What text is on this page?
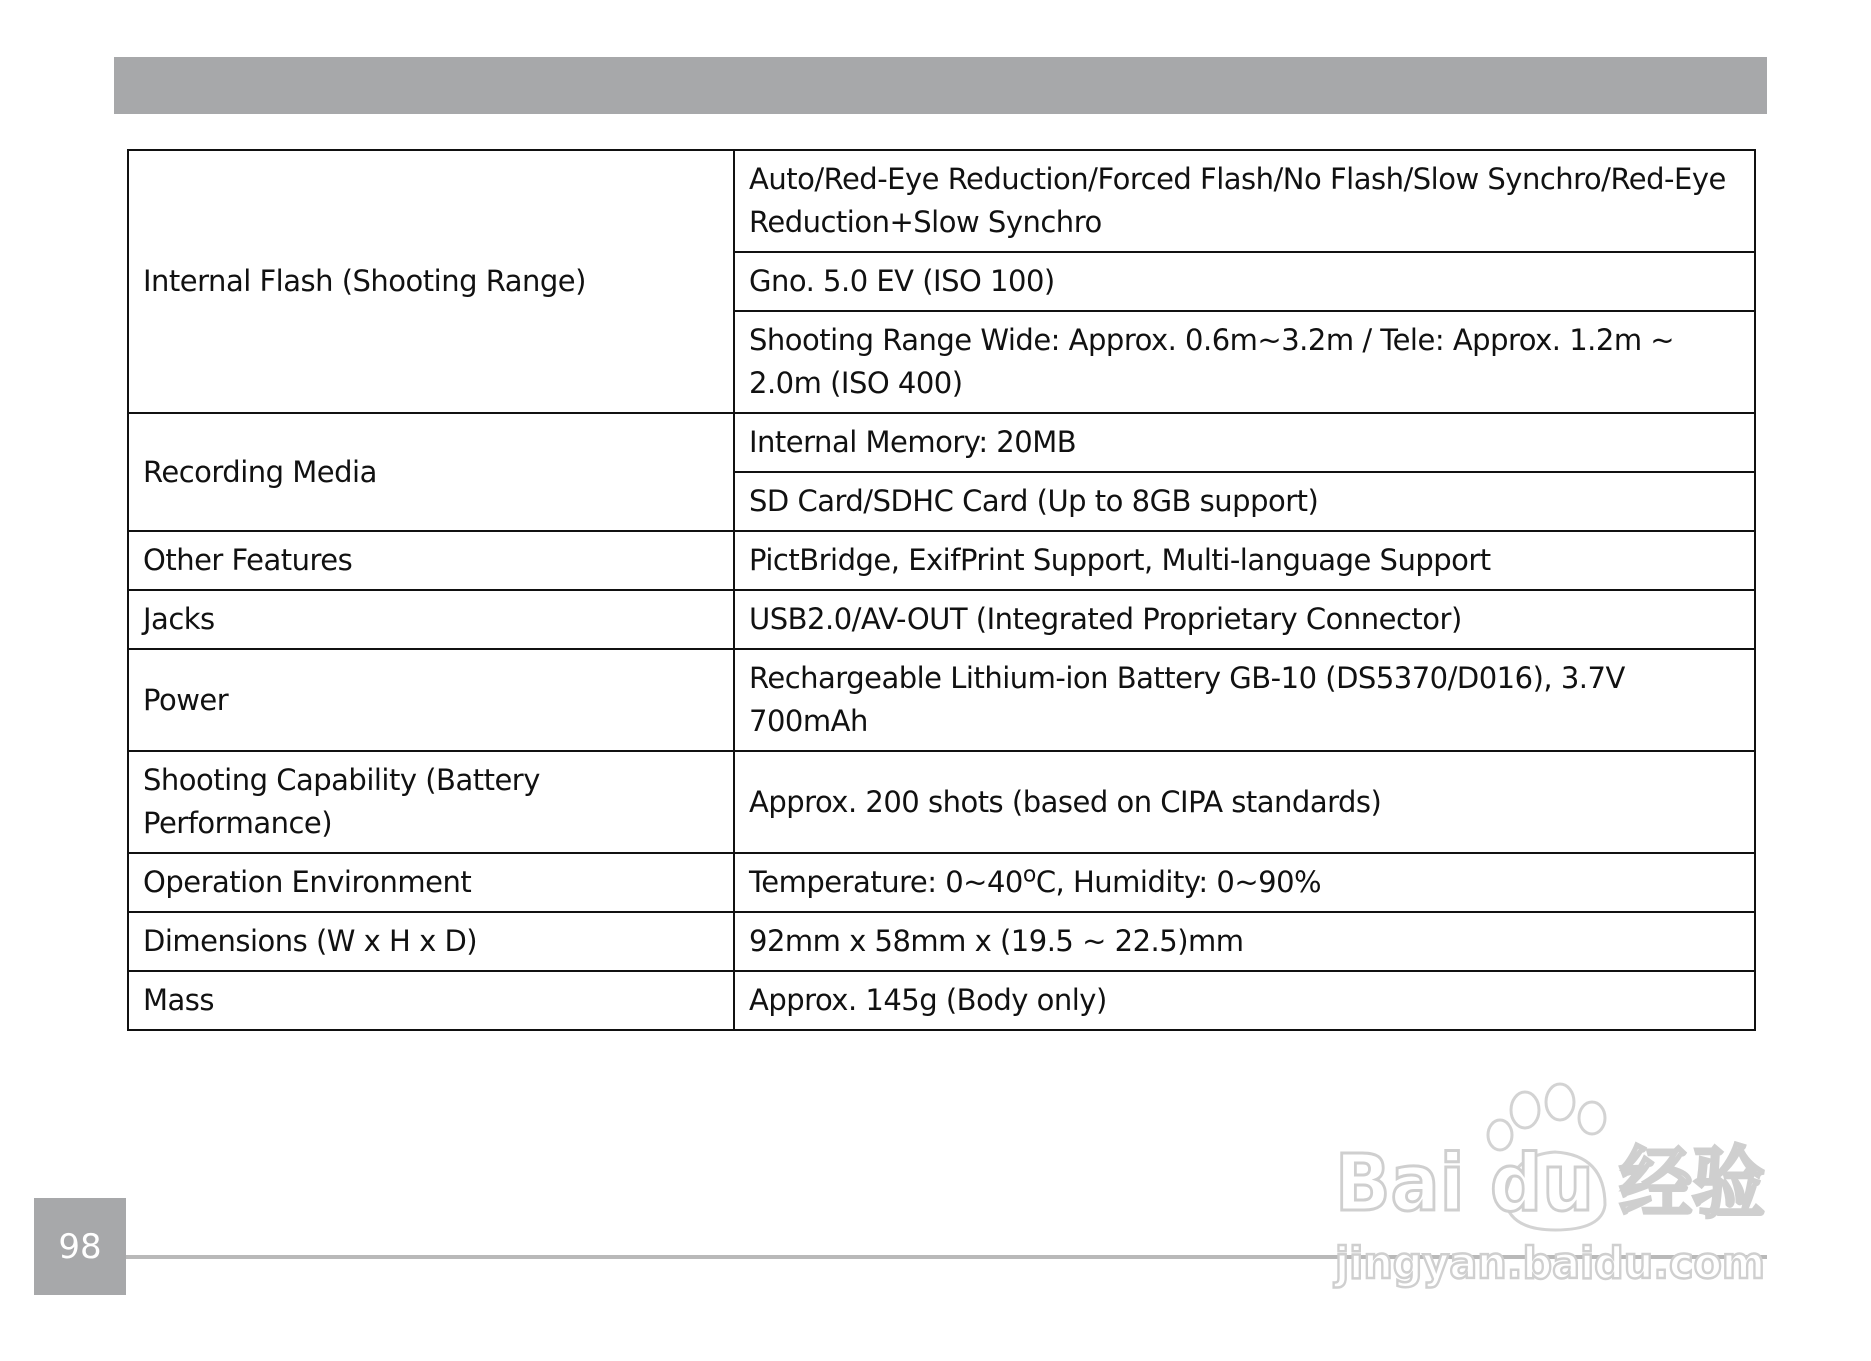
Internal Flash (Shooting Range)	Auto/Red-Eye Reduction/Forced Flash/No Flash/Slow Synchro/Red-Eye Reduction+Slow Synchro
	Gno. 5.0 EV (ISO 100)
	Shooting Range Wide: Approx. 0.6m~3.2m / Tele: Approx. 1.2m ~ 2.0m (ISO 400)
Recording Media	Internal Memory: 20MB
	SD Card/SDHC Card (Up to 8GB support)
Other Features	PictBridge, ExifPrint Support, Multi-language Support
Jacks	USB2.0/AV-OUT (Integrated Proprietary Connector)
Power	Rechargeable Lithium-ion Battery GB-10 (DS5370/D016), 3.7V 700mAh
Shooting Capability (Battery Performance)	Approx. 200 shots (based on CIPA standards)
Operation Environment	Temperature: 0~40$^o$C, Humidity: 0~90%
Dimensions (W x H x D)	92mm x 58mm x (19.5 ~ 22.5)mm
Mass	Approx. 145g (Body only)
98
Bai du 经验
jingyan.baidu.com
